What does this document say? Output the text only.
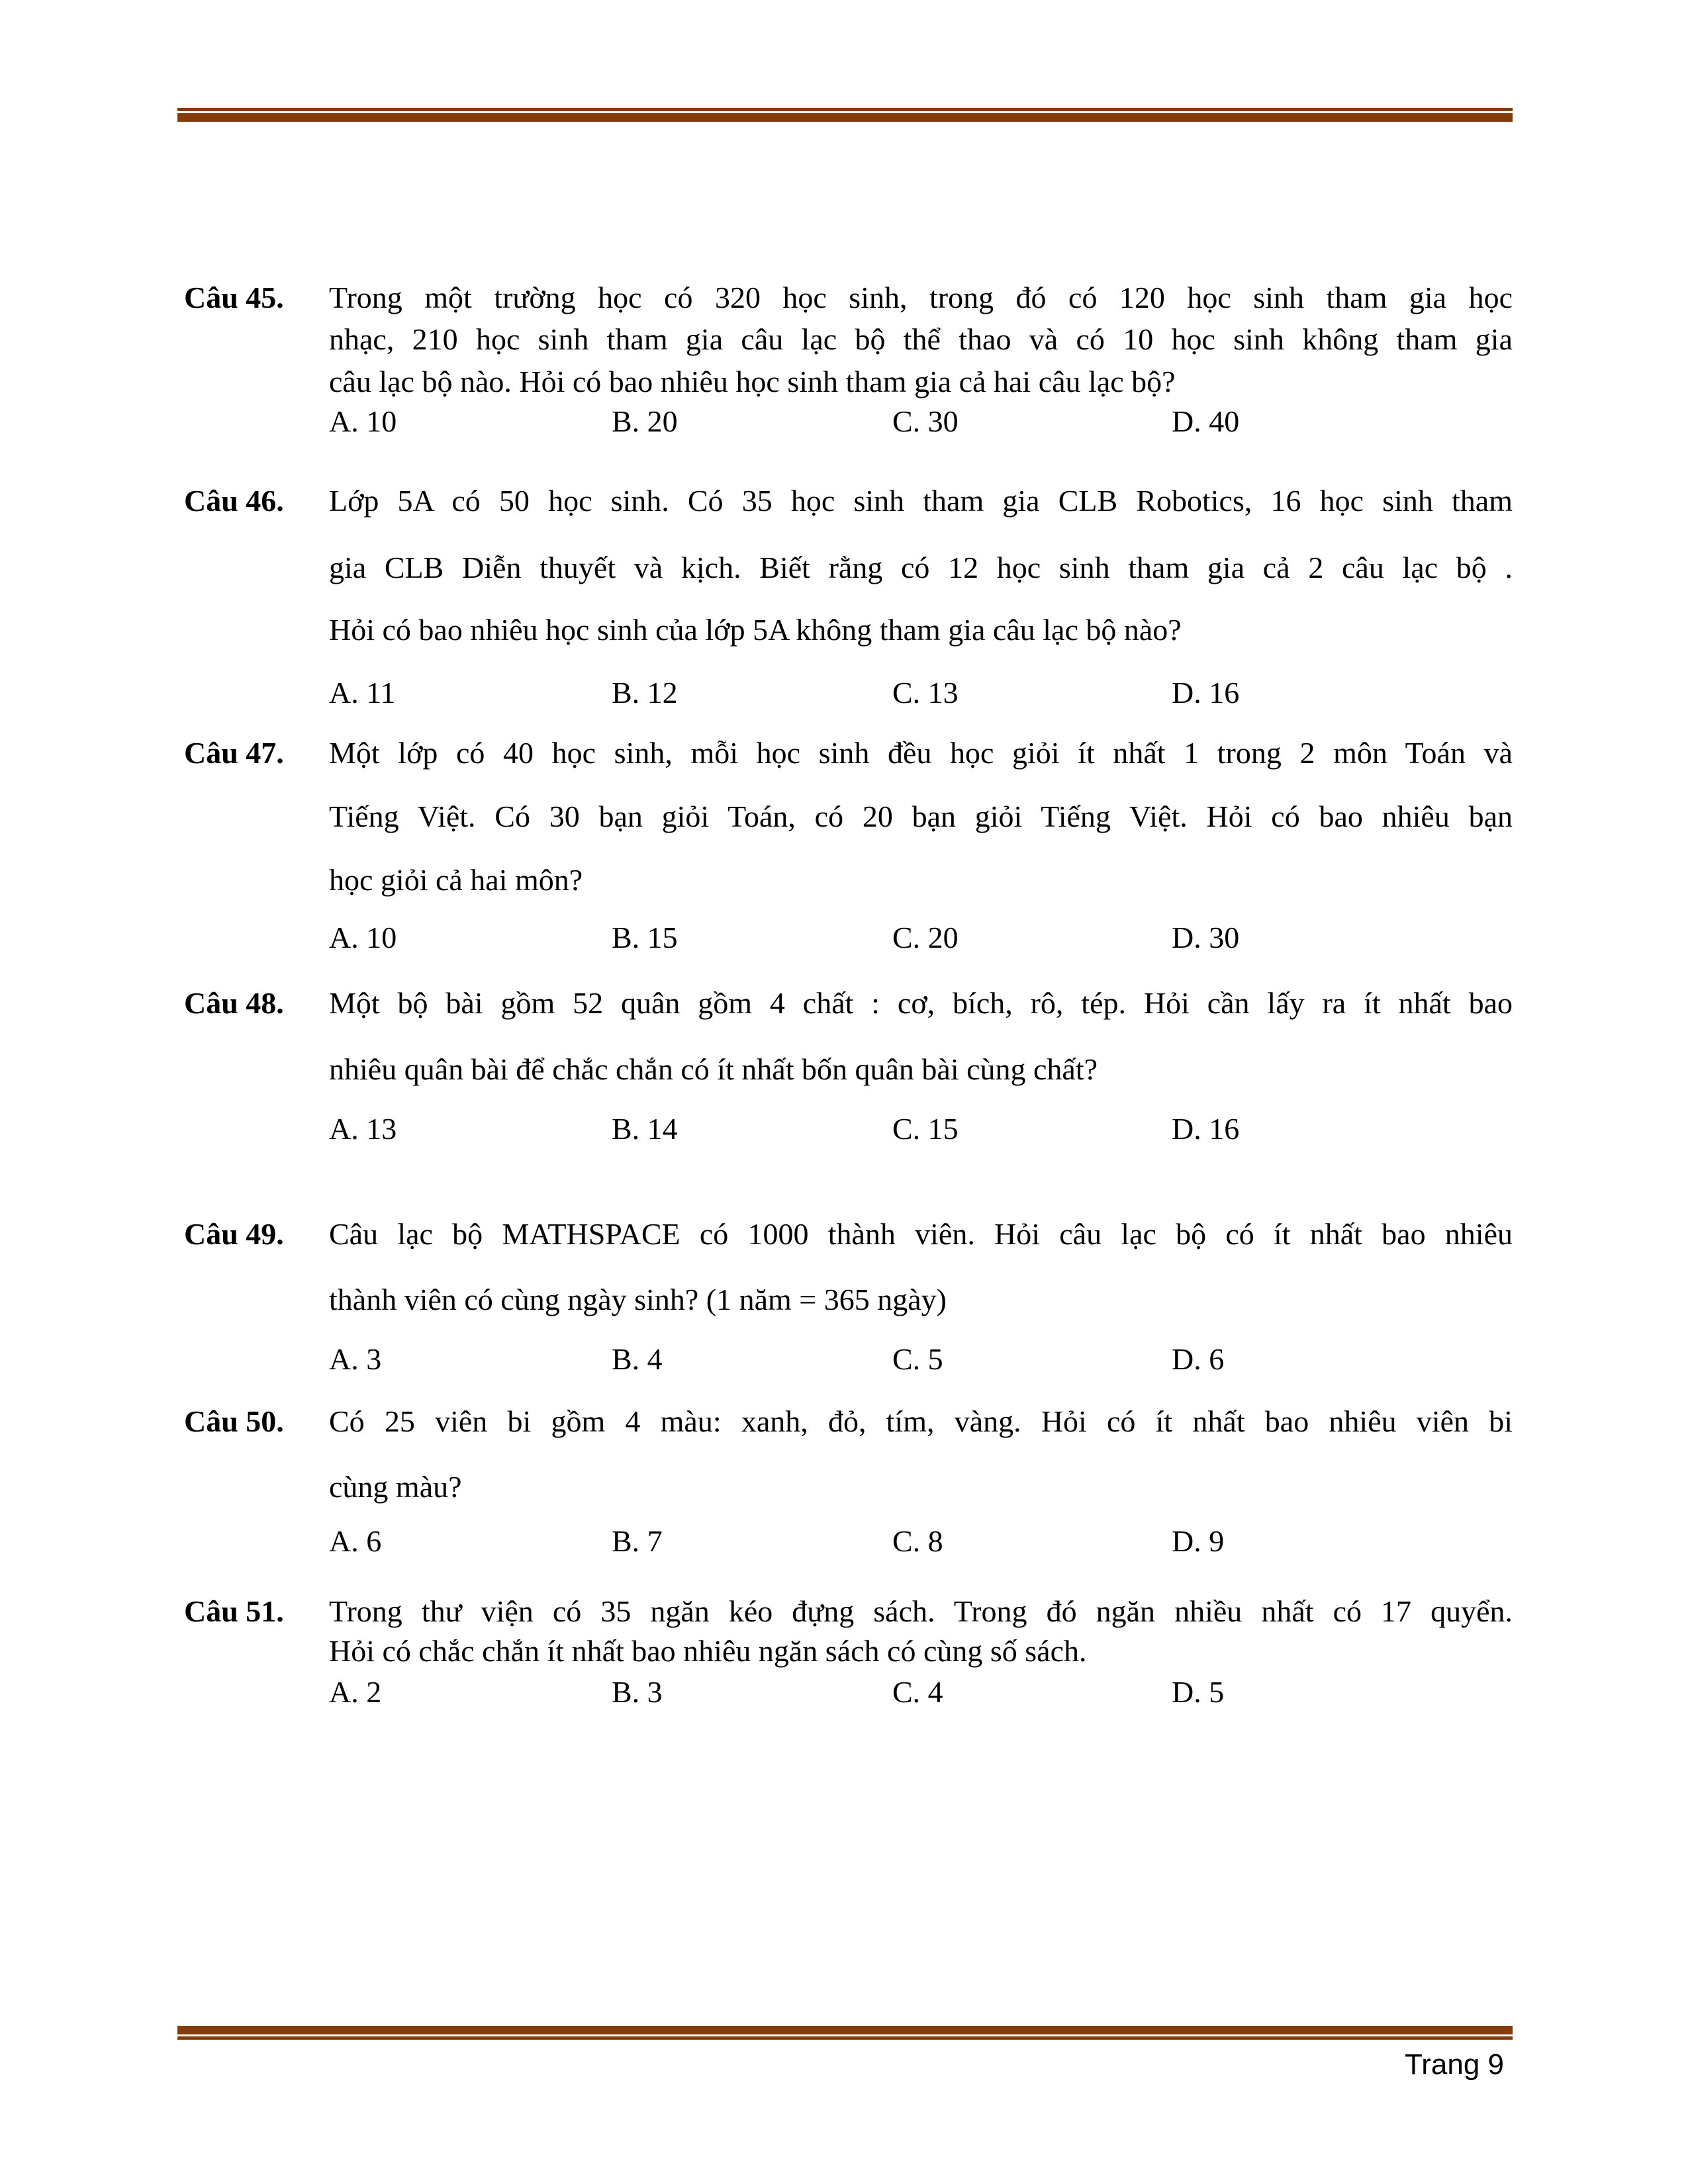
Câu 45.	Trong một trường học có 320 học sinh, trong đó có 120 học sinh tham gia học
nhạc, 210 học sinh tham gia câu lạc bộ thể thao và có 10 học sinh không tham gia
câu lạc bộ nào. Hỏi có bao nhiêu học sinh tham gia cả hai câu lạc bộ?
A. 10	B. 20	C. 30	D. 40
Câu 46.	Lớp 5A có 50 học sinh. Có 35 học sinh tham gia CLB Robotics, 16 học sinh tham
gia CLB Diễn thuyết và kịch. Biết rằng có 12 học sinh tham gia cả 2 câu lạc bộ .
Hỏi có bao nhiêu học sinh của lớp 5A không tham gia câu lạc bộ nào?
A. 11	B. 12	C. 13	D. 16
Câu 47.	Một lớp có 40 học sinh, mỗi học sinh đều học giỏi ít nhất 1 trong 2 môn Toán và
Tiếng Việt. Có 30 bạn giỏi Toán, có 20 bạn giỏi Tiếng Việt. Hỏi có bao nhiêu bạn
học giỏi cả hai môn?
A. 10	B. 15	C. 20	D. 30
Câu 48.	Một bộ bài gồm 52 quân gồm 4 chất : cơ, bích, rô, tép. Hỏi cần lấy ra ít nhất bao
nhiêu quân bài để chắc chắn có ít nhất bốn quân bài cùng chất?
A. 13	B. 14	C. 15	D. 16
Câu 49.	Câu lạc bộ MATHSPACE có 1000 thành viên. Hỏi câu lạc bộ có ít nhất bao nhiêu
thành viên có cùng ngày sinh? (1 năm = 365 ngày)
A. 3	B. 4	C. 5	D. 6
Câu 50.	Có 25 viên bi gồm 4 màu: xanh, đỏ, tím, vàng. Hỏi có ít nhất bao nhiêu viên bi
cùng màu?
A. 6	B. 7	C. 8	D. 9
Câu 51.	Trong thư viện có 35 ngăn kéo đựng sách. Trong đó ngăn nhiều nhất có 17 quyển.
Hỏi có chắc chắn ít nhất bao nhiêu ngăn sách có cùng số sách.
A. 2	B. 3	C. 4	D. 5
Trang 9
